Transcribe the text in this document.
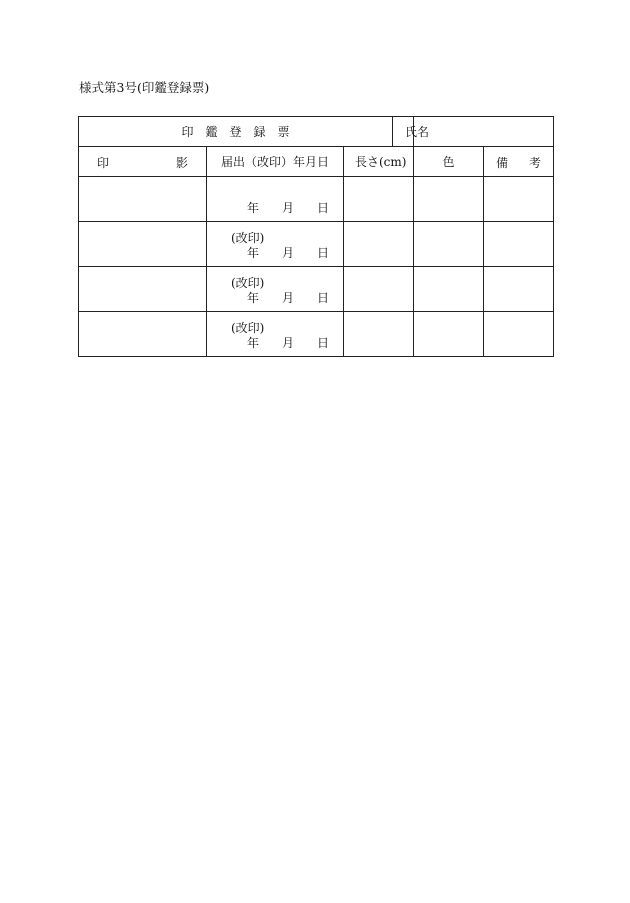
様式第3号(印鑑登録票)
印 鑑 登 録 票			氏名		

印 影	届出（改印）年月日	長さ(cm)		色	備 考

	年 月 日				

	(改印)
年 月 日				

	(改印)
年 月 日				

	(改印)
年 月 日				
